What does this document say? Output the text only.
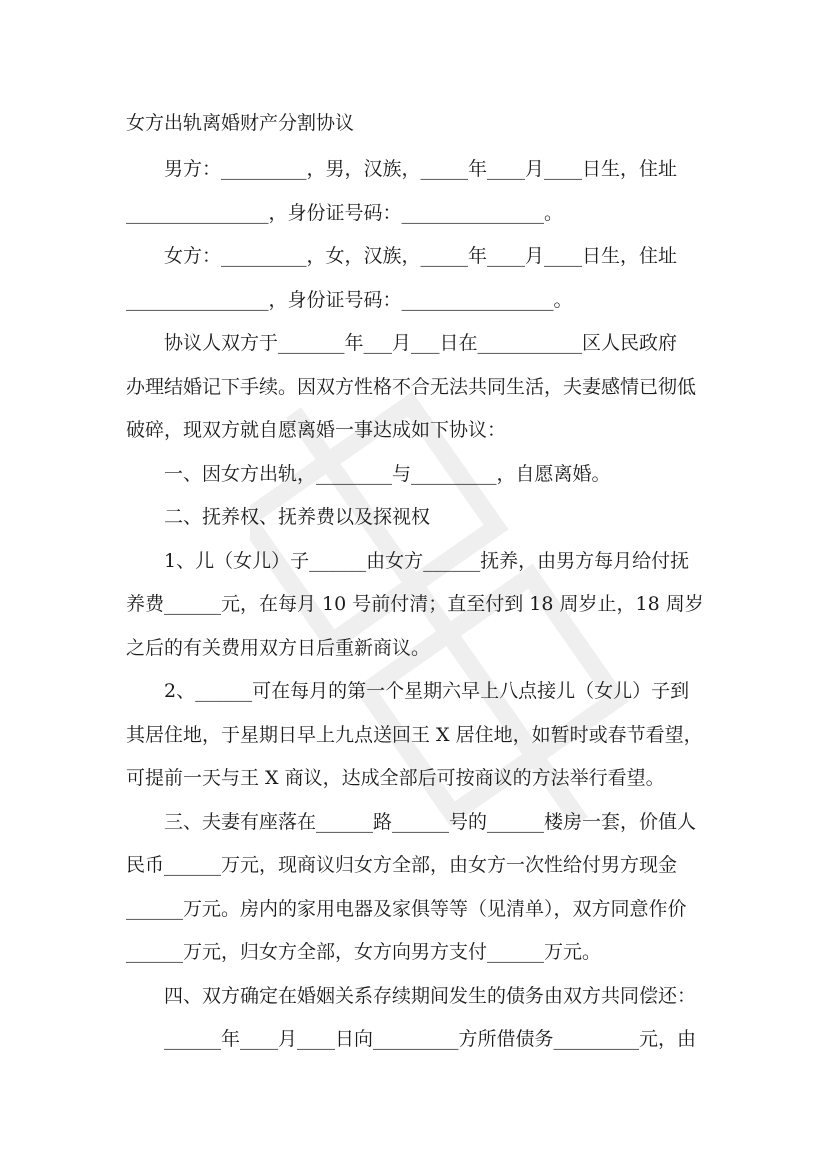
女方出轨离婚财产分割协议

男方：_________，男，汉族，_____年____月____日生，住址

_______________，身份证号码：_______________。

女方：_________，女，汉族，_____年____月____日生，住址

_______________，身份证号码：________________。

协议人双方于_______年___月___日在___________区人民政府

办理结婚记下手续。因双方性格不合无法共同生活，夫妻感情已彻低

破碎，现双方就自愿离婚一事达成如下协议：

一、因女方出轨，________与_________，自愿离婚。

二、抚养权、抚养费以及探视权

1、儿（女儿）子______由女方______抚养，由男方每月给付抚

养费______元，在每月 10 号前付清；直至付到 18 周岁止，18 周岁

之后的有关费用双方日后重新商议。

2、______可在每月的第一个星期六早上八点接儿（女儿）子到

其居住地，于星期日早上九点送回王 X 居住地，如暂时或春节看望，

可提前一天与王 X 商议，达成全部后可按商议的方法举行看望。

三、夫妻有座落在______路______号的______楼房一套，价值人

民币______万元，现商议归女方全部，由女方一次性给付男方现金

______万元。房内的家用电器及家俱等等（见清单），双方同意作价

______万元，归女方全部，女方向男方支付______万元。

四、双方确定在婚姻关系存续期间发生的债务由双方共同偿还：

______年____月____日向_________方所借债务_________元，由
